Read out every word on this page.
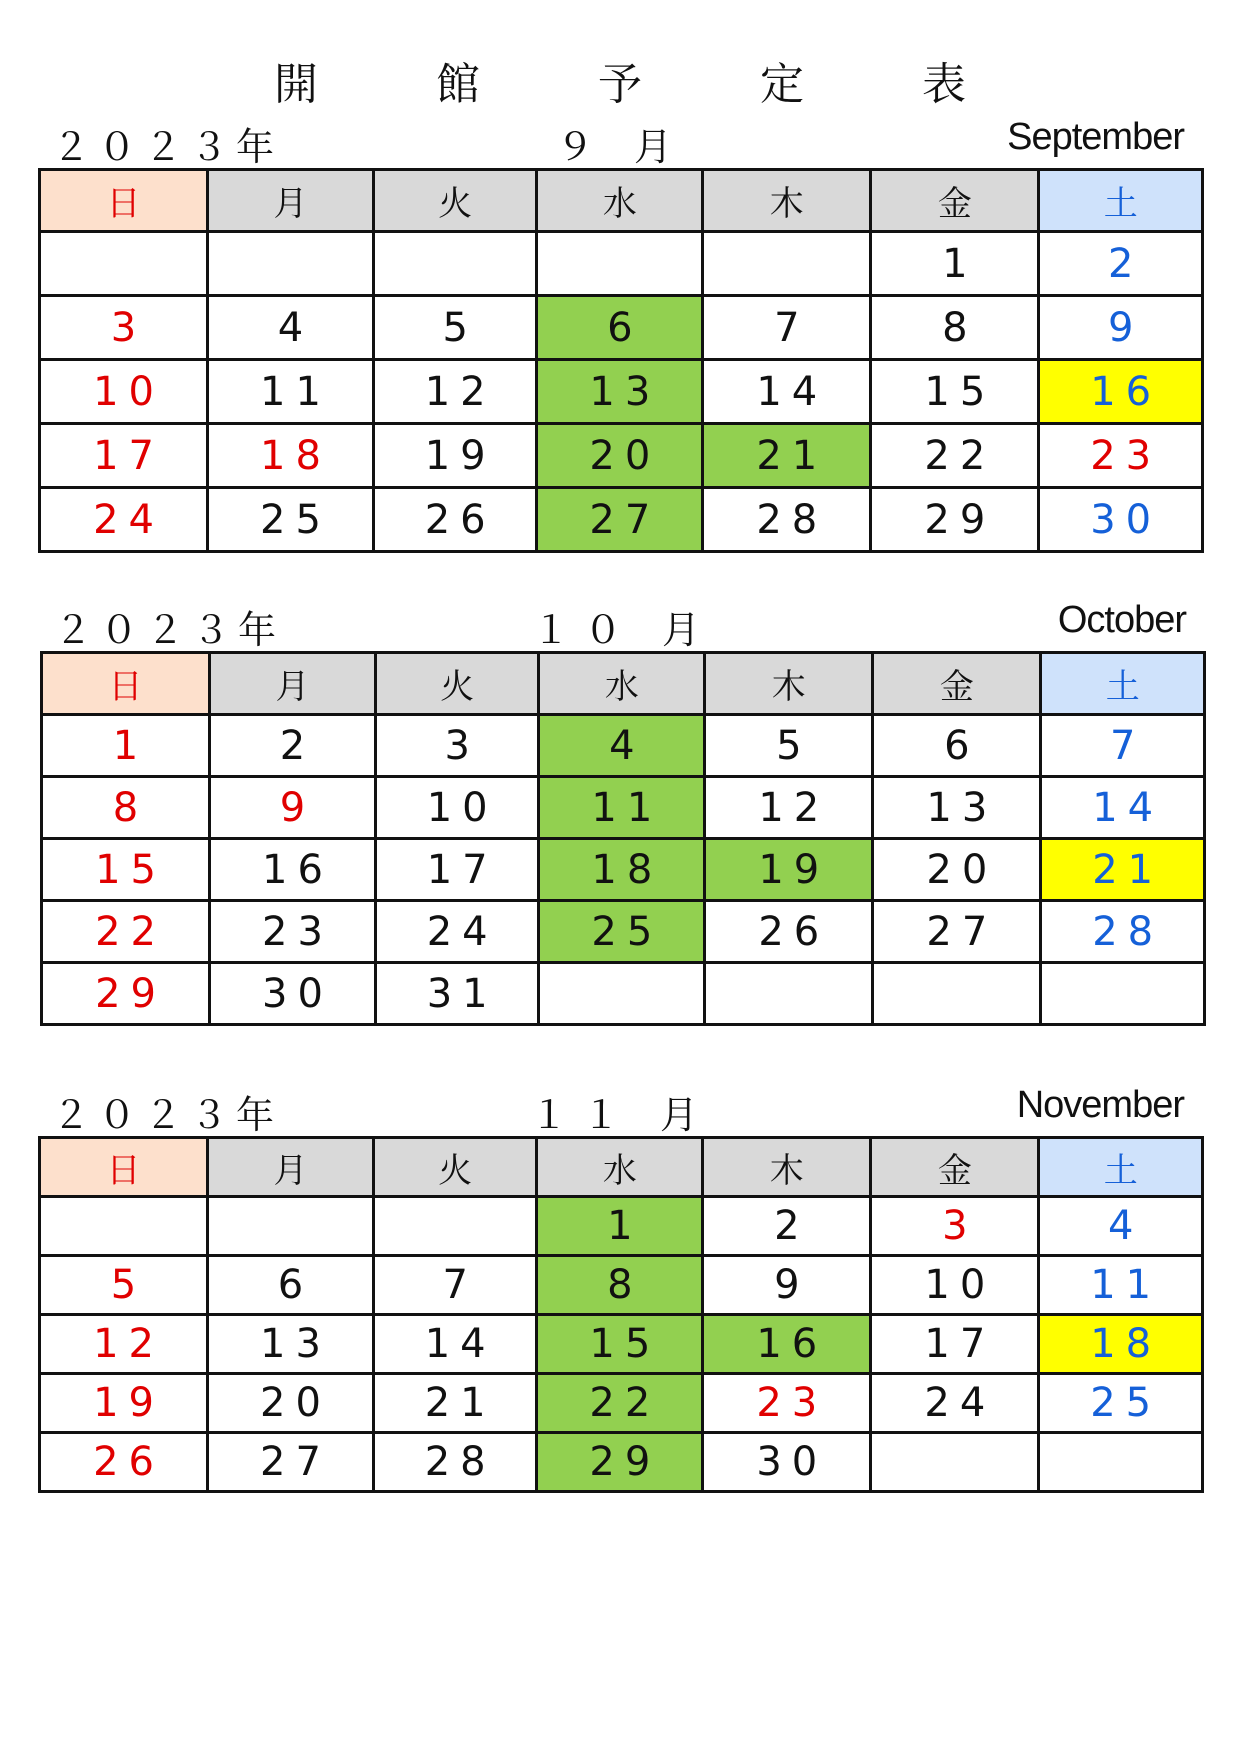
開 館 予 定 表
２０２３年	９ 月	September
日	月	火	水	木	金	土
					1	2
3	4	5	6	7	8	9
10	11	12	13	14	15	16
17	18	19	20	21	22	23
24	25	26	27	28	29	30
２０２３年	１０ 月	October
日	月	火	水	木	金	土
1	2	3	4	5	6	7
8	9	10	11	12	13	14
15	16	17	18	19	20	21
22	23	24	25	26	27	28
29	30	31				
２０２３年	１１ 月	November
日	月	火	水	木	金	土
			1	2	3	4
5	6	7	8	9	10	11
12	13	14	15	16	17	18
19	20	21	22	23	24	25
26	27	28	29	30		
